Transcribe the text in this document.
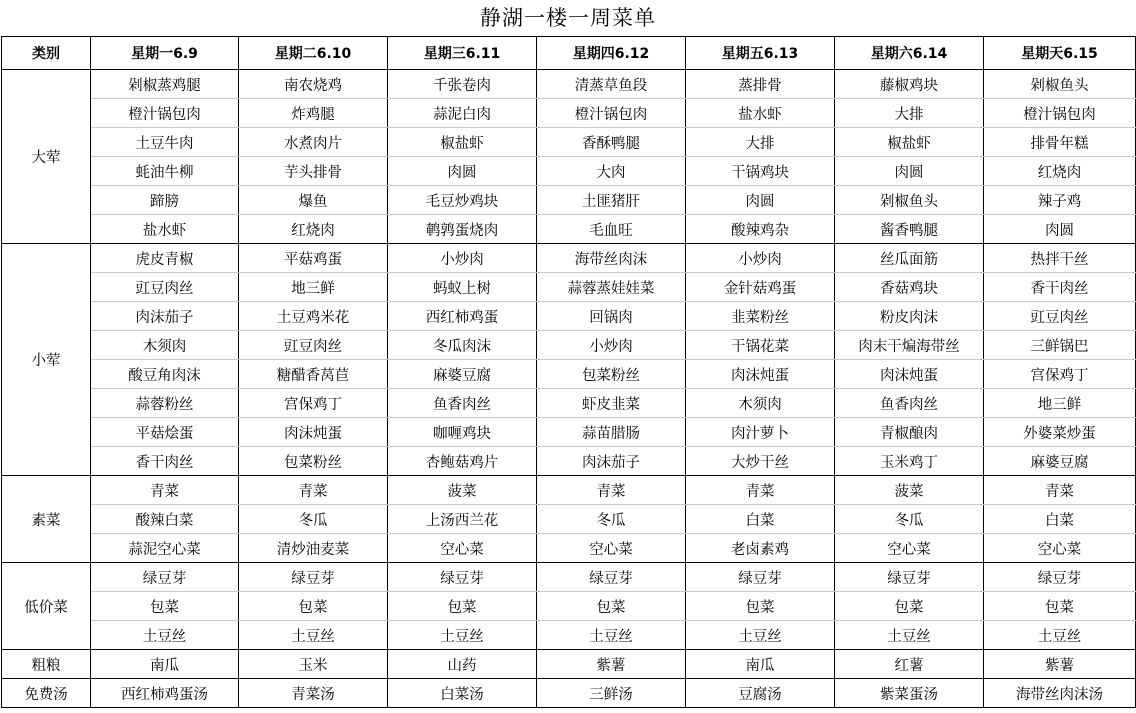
静湖一楼一周菜单
类别	星期一6.9	星期二6.10	星期三6.11	星期四6.12	星期五6.13	星期六6.14	星期天6.15
大荤	剁椒蒸鸡腿	南农烧鸡	千张卷肉	清蒸草鱼段	蒸排骨	藤椒鸡块	剁椒鱼头
	橙汁锅包肉	炸鸡腿	蒜泥白肉	橙汁锅包肉	盐水虾	大排	橙汁锅包肉
	土豆牛肉	水煮肉片	椒盐虾	香酥鸭腿	大排	椒盐虾	排骨年糕
	蚝油牛柳	芋头排骨	肉圆	大肉	干锅鸡块	肉圆	红烧肉
	蹄膀	爆鱼	毛豆炒鸡块	土匪猪肝	肉圆	剁椒鱼头	辣子鸡
	盐水虾	红烧肉	鹌鹑蛋烧肉	毛血旺	酸辣鸡杂	酱香鸭腿	肉圆
小荤	虎皮青椒	平菇鸡蛋	小炒肉	海带丝肉沫	小炒肉	丝瓜面筋	热拌干丝
	豇豆肉丝	地三鲜	蚂蚁上树	蒜蓉蒸娃娃菜	金针菇鸡蛋	香菇鸡块	香干肉丝
	肉沫茄子	土豆鸡米花	西红柿鸡蛋	回锅肉	韭菜粉丝	粉皮肉沫	豇豆肉丝
	木须肉	豇豆肉丝	冬瓜肉沫	小炒肉	干锅花菜	肉末干煸海带丝	三鲜锅巴
	酸豆角肉沫	糖醋香莴苣	麻婆豆腐	包菜粉丝	肉沫炖蛋	肉沫炖蛋	宫保鸡丁
	蒜蓉粉丝	宫保鸡丁	鱼香肉丝	虾皮韭菜	木须肉	鱼香肉丝	地三鲜
	平菇烩蛋	肉沫炖蛋	咖喱鸡块	蒜苗腊肠	肉汁萝卜	青椒酿肉	外婆菜炒蛋
	香干肉丝	包菜粉丝	杏鲍菇鸡片	肉沫茄子	大炒干丝	玉米鸡丁	麻婆豆腐
素菜	青菜	青菜	菠菜	青菜	青菜	菠菜	青菜
	酸辣白菜	冬瓜	上汤西兰花	冬瓜	白菜	冬瓜	白菜
	蒜泥空心菜	清炒油麦菜	空心菜	空心菜	老卤素鸡	空心菜	空心菜
低价菜	绿豆芽	绿豆芽	绿豆芽	绿豆芽	绿豆芽	绿豆芽	绿豆芽
	包菜	包菜	包菜	包菜	包菜	包菜	包菜
	土豆丝	土豆丝	土豆丝	土豆丝	土豆丝	土豆丝	土豆丝
粗粮	南瓜	玉米	山药	紫薯	南瓜	红薯	紫薯
免费汤	西红柿鸡蛋汤	青菜汤	白菜汤	三鲜汤	豆腐汤	紫菜蛋汤	海带丝肉沫汤
